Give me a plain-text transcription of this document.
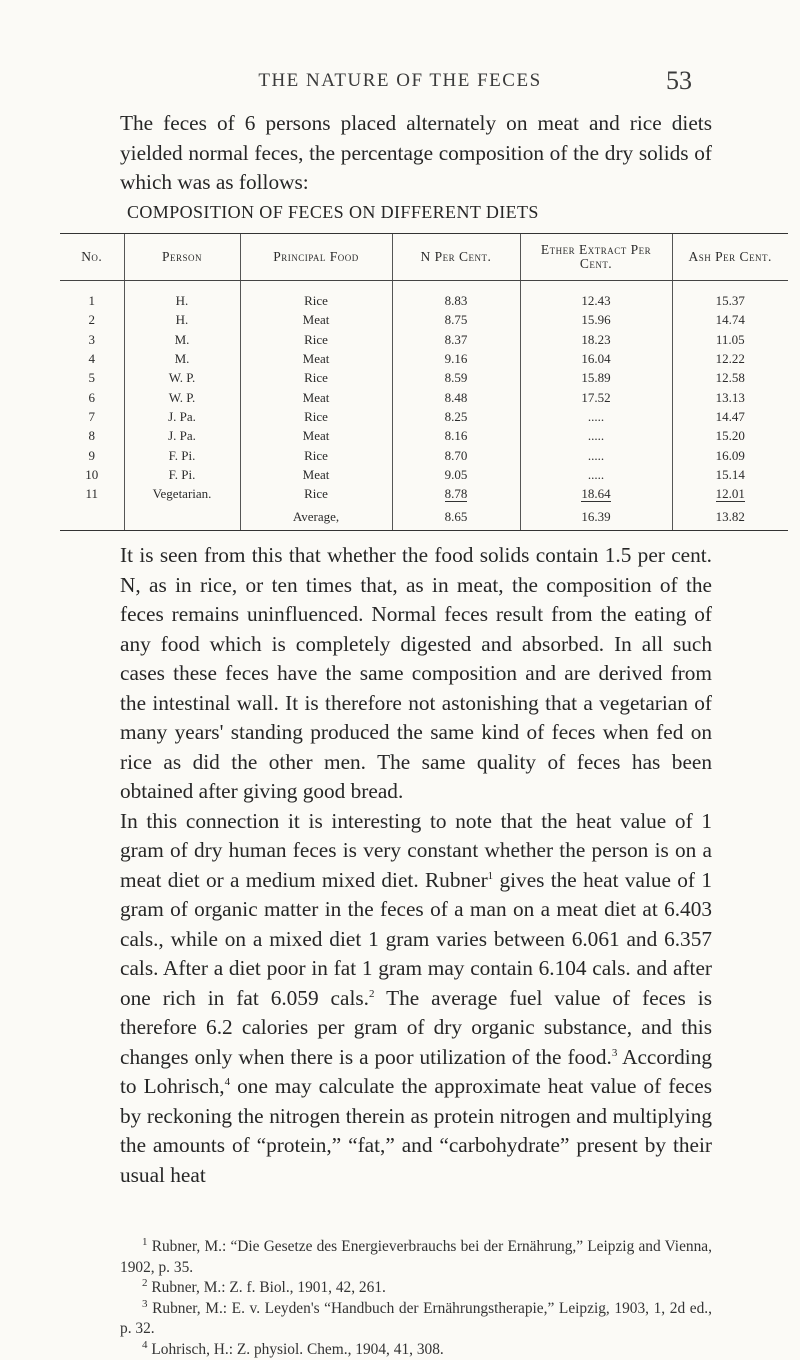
THE NATURE OF THE FECES	53

The feces of 6 persons placed alternately on meat and rice diets yielded normal feces, the percentage composition of the dry solids of which was as follows:

COMPOSITION OF FECES ON DIFFERENT DIETS
No.	Person	Principal Food	N Per Cent.	Ether Extract Per Cent.	Ash Per Cent.
1	H.	Rice	8.83	12.43	15.37
2	H.	Meat	8.75	15.96	14.74
3	M.	Rice	8.37	18.23	11.05
4	M.	Meat	9.16	16.04	12.22
5	W. P.	Rice	8.59	15.89	12.58
6	W. P.	Meat	8.48	17.52	13.13
7	J. Pa.	Rice	8.25	.....	14.47
8	J. Pa.	Meat	8.16	.....	15.20
9	F. Pi.	Rice	8.70	.....	16.09
10	F. Pi.	Meat	9.05	.....	15.14
11	Vegetarian.	Rice	8.78	18.64	12.01
		Average,	8.65	16.39	13.82

It is seen from this that whether the food solids contain 1.5 per cent. N, as in rice, or ten times that, as in meat, the composition of the feces remains uninfluenced. Normal feces result from the eating of any food which is completely digested and absorbed. In all such cases these feces have the same composition and are derived from the intestinal wall. It is therefore not astonishing that a vegetarian of many years' standing produced the same kind of feces when fed on rice as did the other men. The same quality of feces has been obtained after giving good bread.

In this connection it is interesting to note that the heat value of 1 gram of dry human feces is very constant whether the person is on a meat diet or a medium mixed diet. Rubner$^1$ gives the heat value of 1 gram of organic matter in the feces of a man on a meat diet at 6.403 cals., while on a mixed diet 1 gram varies between 6.061 and 6.357 cals. After a diet poor in fat 1 gram may contain 6.104 cals. and after one rich in fat 6.059 cals.$^2$ The average fuel value of feces is therefore 6.2 calories per gram of dry organic substance, and this changes only when there is a poor utilization of the food.$^3$ According to Lohrisch,$^4$ one may calculate the approximate heat value of feces by reckoning the nitrogen therein as protein nitrogen and multiplying the amounts of “protein,” “fat,” and “carbohydrate” present by their usual heat

$^1$ Rubner, M.: “Die Gesetze des Energieverbrauchs bei der Ernährung,” Leipzig and Vienna, 1902, p. 35.

$^2$ Rubner, M.: Z. f. Biol., 1901, 42, 261.

$^3$ Rubner, M.: E. v. Leyden's “Handbuch der Ernährungstherapie,” Leipzig, 1903, 1, 2d ed., p. 32.

$^4$ Lohrisch, H.: Z. physiol. Chem., 1904, 41, 308.
